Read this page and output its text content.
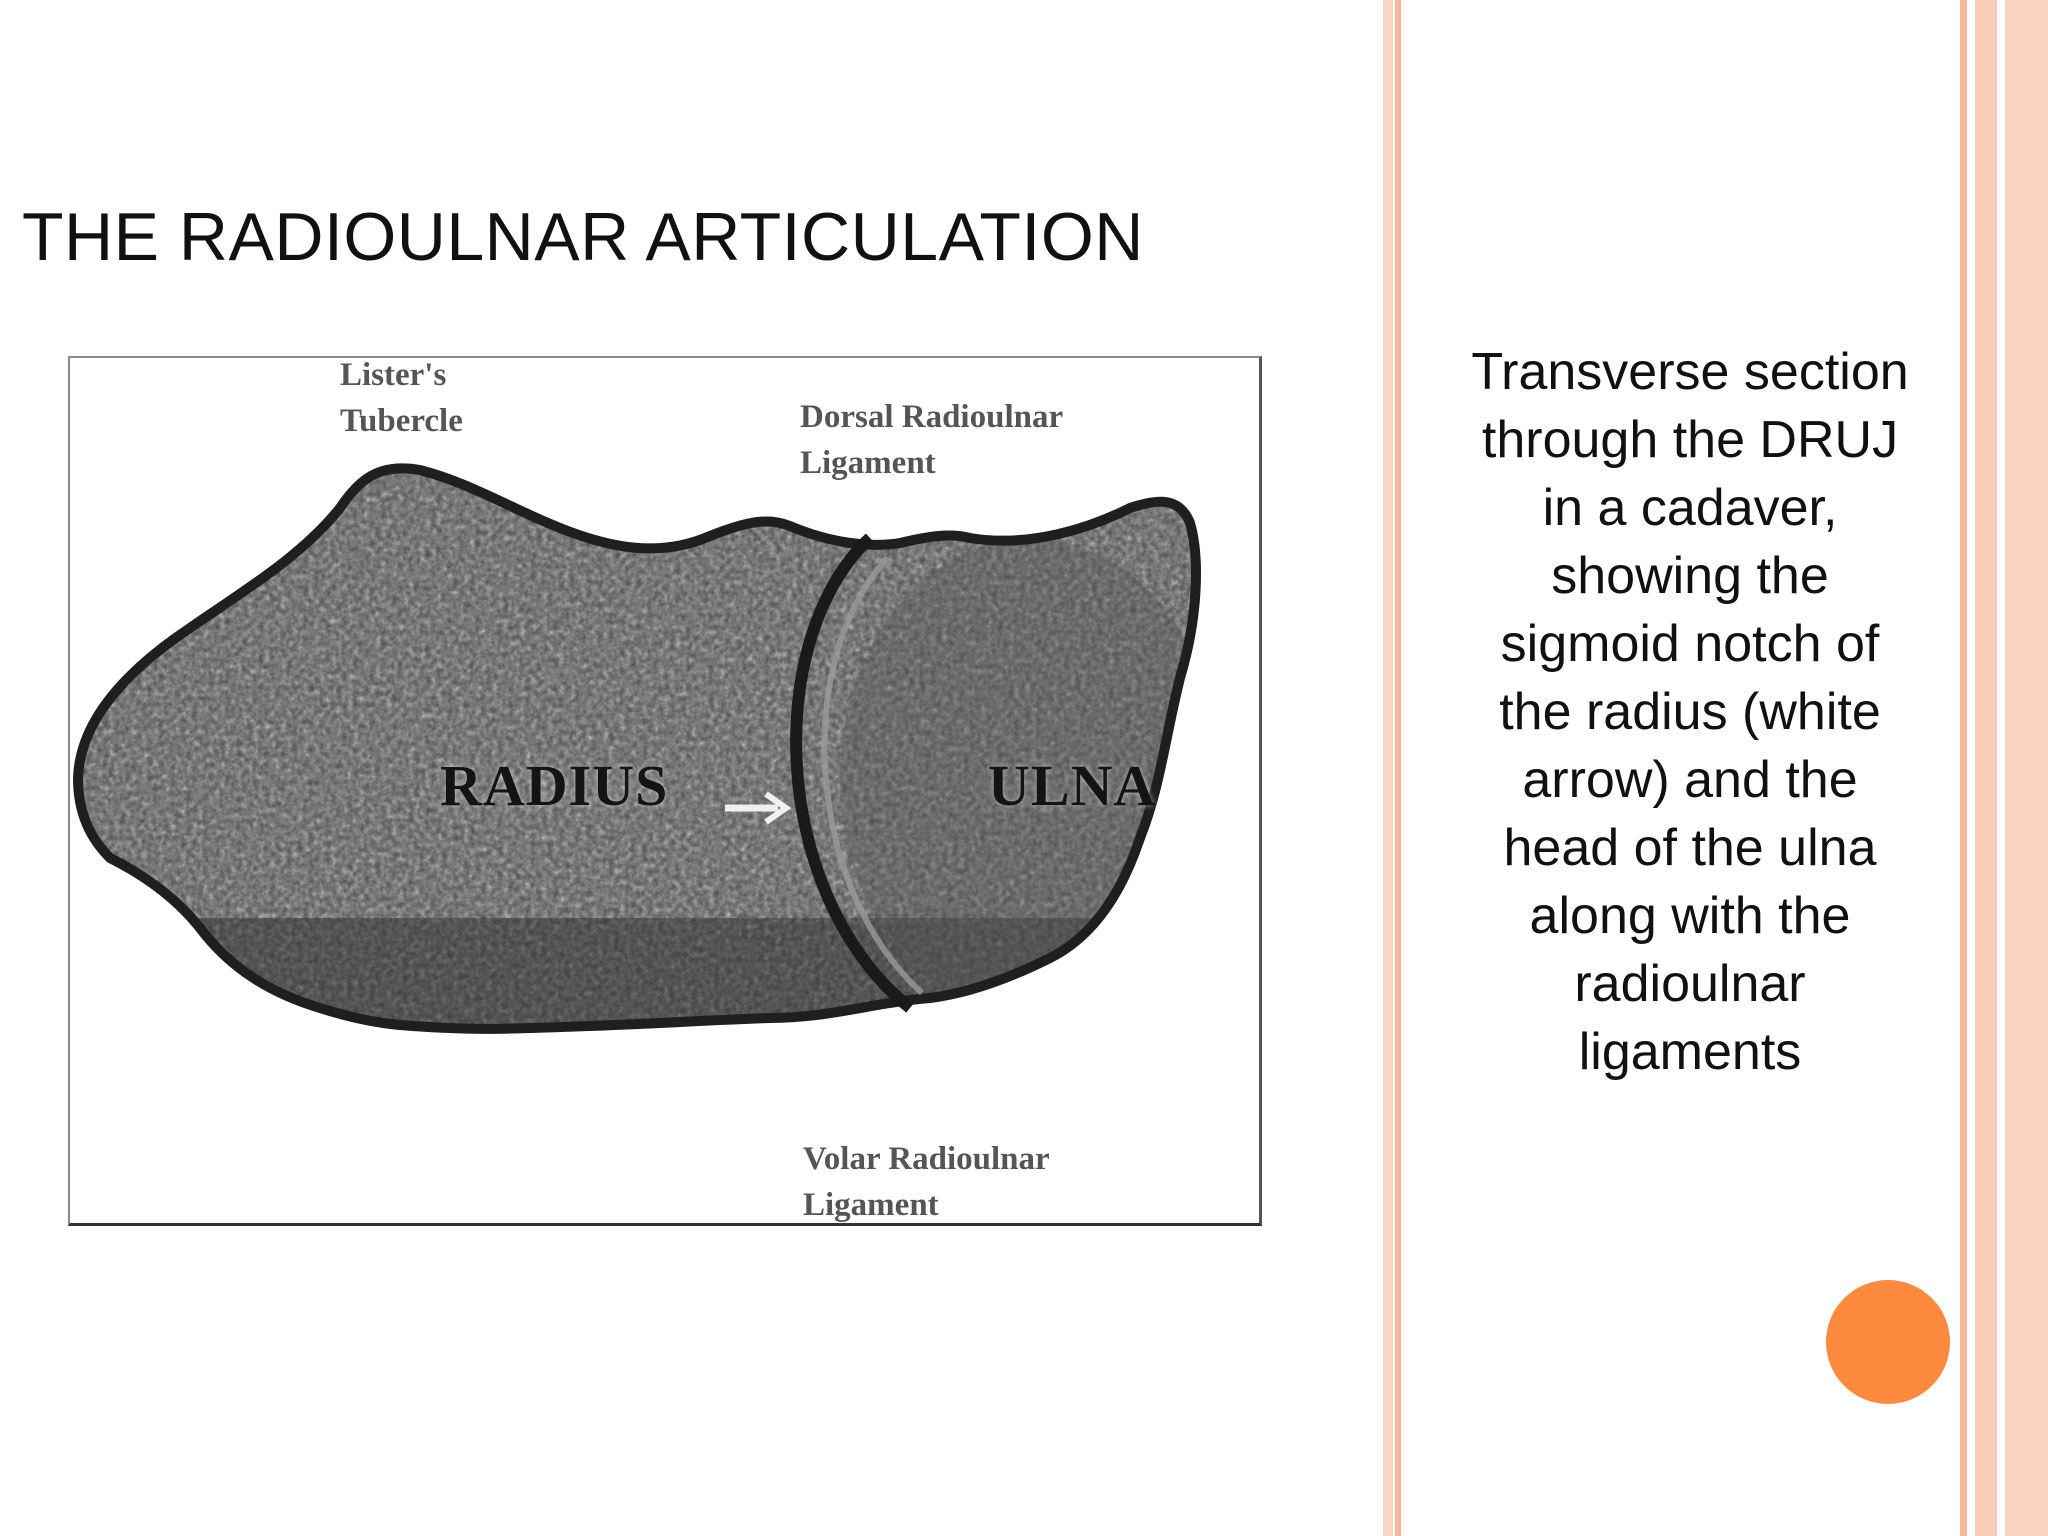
THE RADIOULNAR ARTICULATION
Lister's
Tubercle	Dorsal Radioulnar
Ligament
Volar Radioulnar
Ligament
RADIUS	ULNA
Transverse section
through the DRUJ
in a cadaver,
showing the
sigmoid notch of
the radius (white
arrow) and the
head of the ulna
along with the
radioulnar
ligaments
